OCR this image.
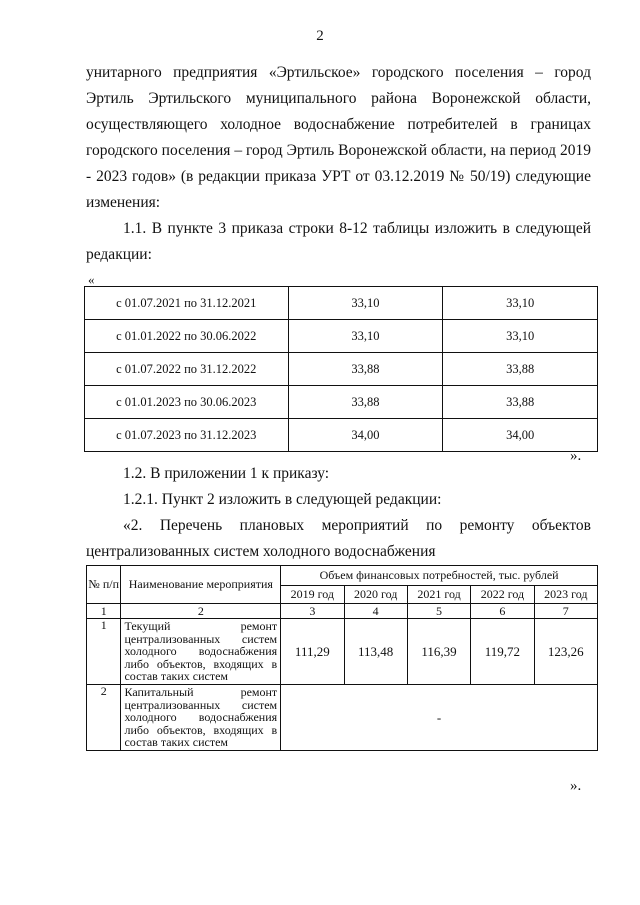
2
унитарного предприятия «Эртильское» городского поселения – город
Эртиль Эртильского муниципального района Воронежской области,
осуществляющего холодное водоснабжение потребителей в границах
городского поселения – город Эртиль Воронежской области, на период 2019
- 2023 годов» (в редакции приказа УРТ от 03.12.2019 № 50/19) следующие
изменения:
1.1. В пункте 3 приказа строки 8-12 таблицы изложить в следующей
редакции:
«
с 01.07.2021 по 31.12.2021	33,10	33,10
с 01.01.2022 по 30.06.2022	33,10	33,10
с 01.07.2022 по 31.12.2022	33,88	33,88
с 01.01.2023 по 30.06.2023	33,88	33,88
с 01.07.2023 по 31.12.2023	34,00	34,00
».
1.2. В приложении 1 к приказу:
1.2.1. Пункт 2 изложить в следующей редакции:
«2. Перечень плановых мероприятий по ремонту объектов
централизованных систем холодного водоснабжения
№ п/п	Наименование мероприятия	Объем финансовых потребностей, тыс. рублей				
		2019 год	2020 год	2021 год	2022 год	2023 год
1	2	3	4	5	6	7
1	Текущий ремонт централизованных систем холодного водоснабжения либо объектов, входящих в состав таких систем	111,29	113,48	116,39	119,72	123,26
2	Капитальный ремонт централизованных систем холодного водоснабжения либо объектов, входящих в состав таких систем	-				
».
